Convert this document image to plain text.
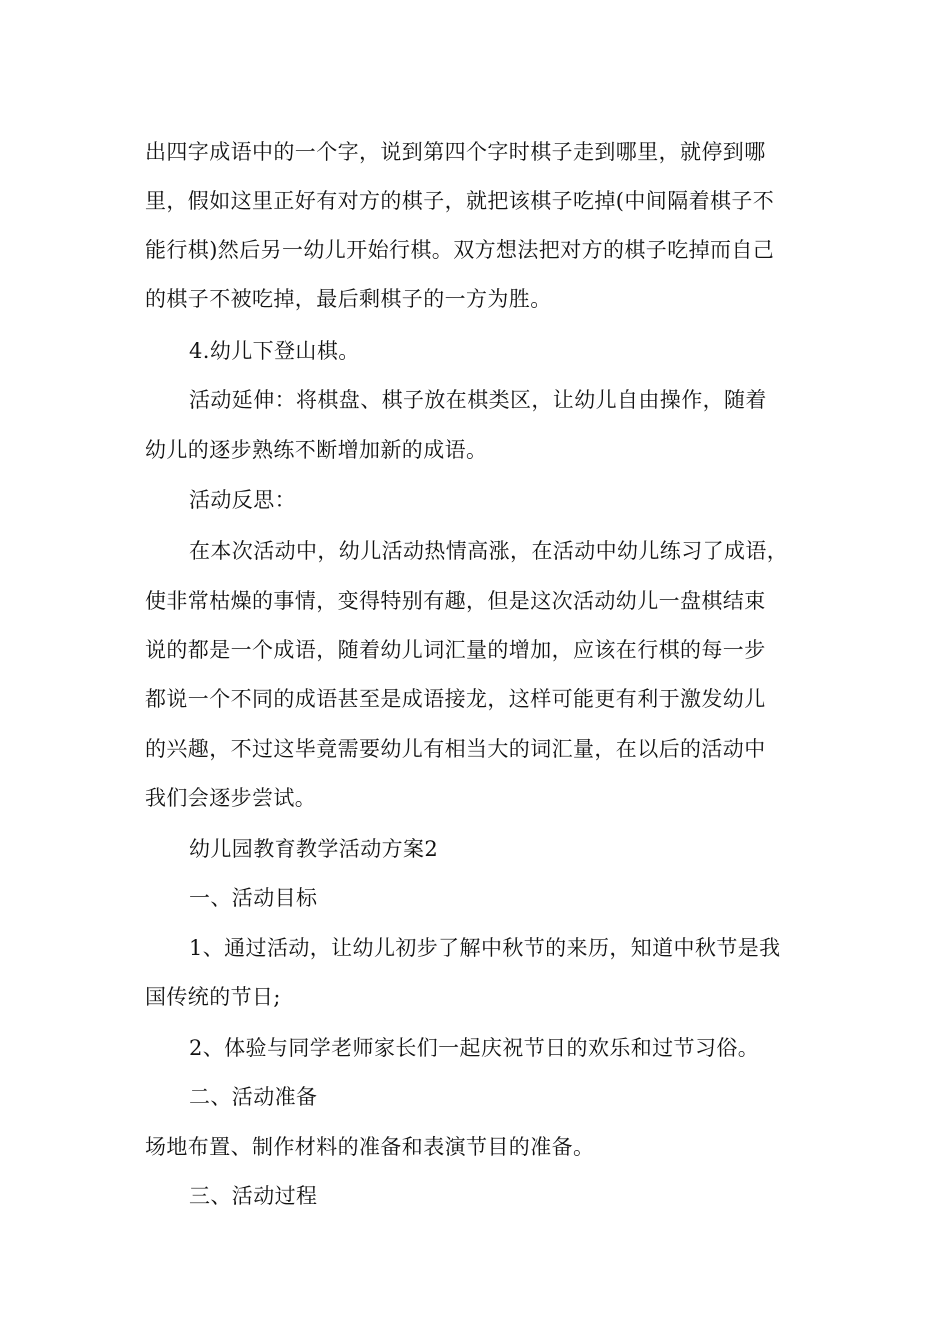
出四字成语中的一个字，说到第四个字时棋子走到哪里，就停到哪
里，假如这里正好有对方的棋子，就把该棋子吃掉(中间隔着棋子不
能行棋)然后另一幼儿开始行棋。双方想法把对方的棋子吃掉而自己
的棋子不被吃掉，最后剩棋子的一方为胜。
4.幼儿下登山棋。
活动延伸：将棋盘、棋子放在棋类区，让幼儿自由操作，随着
幼儿的逐步熟练不断增加新的成语。
活动反思：
在本次活动中，幼儿活动热情高涨，在活动中幼儿练习了成语，
使非常枯燥的事情，变得特别有趣，但是这次活动幼儿一盘棋结束
说的都是一个成语，随着幼儿词汇量的增加，应该在行棋的每一步
都说一个不同的成语甚至是成语接龙，这样可能更有利于激发幼儿
的兴趣，不过这毕竟需要幼儿有相当大的词汇量，在以后的活动中
我们会逐步尝试。
幼儿园教育教学活动方案2
一、活动目标
1、通过活动，让幼儿初步了解中秋节的来历，知道中秋节是我
国传统的节日;
2、体验与同学老师家长们一起庆祝节日的欢乐和过节习俗。
二、活动准备
场地布置、制作材料的准备和表演节目的准备。
三、活动过程
